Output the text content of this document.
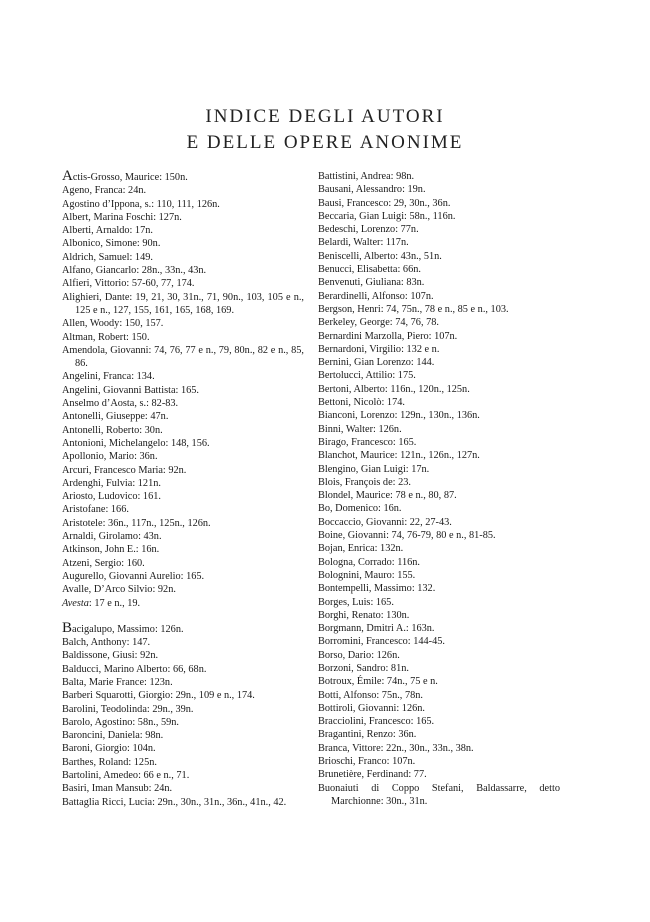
INDICE DEGLI AUTORI
E DELLE OPERE ANONIME
Actis-Grosso, Maurice: 150n.
Ageno, Franca: 24n.
Agostino d’Ippona, s.: 110, 111, 126n.
Albert, Marina Foschi: 127n.
Alberti, Arnaldo: 17n.
Albonico, Simone: 90n.
Aldrich, Samuel: 149.
Alfano, Giancarlo: 28n., 33n., 43n.
Alfieri, Vittorio: 57-60, 77, 174.
Alighieri, Dante: 19, 21, 30, 31n., 71, 90n., 103, 105 e n., 125 e n., 127, 155, 161, 165, 168, 169.
Allen, Woody: 150, 157.
Altman, Robert: 150.
Amendola, Giovanni: 74, 76, 77 e n., 79, 80n., 82 e n., 85, 86.
Angelini, Franca: 134.
Angelini, Giovanni Battista: 165.
Anselmo d’Aosta, s.: 82-83.
Antonelli, Giuseppe: 47n.
Antonelli, Roberto: 30n.
Antonioni, Michelangelo: 148, 156.
Apollonio, Mario: 36n.
Arcuri, Francesco Maria: 92n.
Ardenghi, Fulvia: 121n.
Ariosto, Ludovico: 161.
Aristofane: 166.
Aristotele: 36n., 117n., 125n., 126n.
Arnaldi, Girolamo: 43n.
Atkinson, John E.: 16n.
Atzeni, Sergio: 160.
Augurello, Giovanni Aurelio: 165.
Avalle, D’Arco Silvio: 92n.
Avesta: 17 e n., 19.
Bacigalupo, Massimo: 126n.
Balch, Anthony: 147.
Baldissone, Giusi: 92n.
Balducci, Marino Alberto: 66, 68n.
Balta, Marie France: 123n.
Barberi Squarotti, Giorgio: 29n., 109 e n., 174.
Barolini, Teodolinda: 29n., 39n.
Barolo, Agostino: 58n., 59n.
Baroncini, Daniela: 98n.
Baroni, Giorgio: 104n.
Barthes, Roland: 125n.
Bartolini, Amedeo: 66 e n., 71.
Basiri, Iman Mansub: 24n.
Battaglia Ricci, Lucia: 29n., 30n., 31n., 36n., 41n., 42.
Battistini, Andrea: 98n.
Bausani, Alessandro: 19n.
Bausi, Francesco: 29, 30n., 36n.
Beccaria, Gian Luigi: 58n., 116n.
Bedeschi, Lorenzo: 77n.
Belardi, Walter: 117n.
Beniscelli, Alberto: 43n., 51n.
Benucci, Elisabetta: 66n.
Benvenuti, Giuliana: 83n.
Berardinelli, Alfonso: 107n.
Bergson, Henri: 74, 75n., 78 e n., 85 e n., 103.
Berkeley, George: 74, 76, 78.
Bernardini Marzolla, Piero: 107n.
Bernardoni, Virgilio: 132 e n.
Bernini, Gian Lorenzo: 144.
Bertolucci, Attilio: 175.
Bertoni, Alberto: 116n., 120n., 125n.
Bettoni, Nicolò: 174.
Bianconi, Lorenzo: 129n., 130n., 136n.
Binni, Walter: 126n.
Birago, Francesco: 165.
Blanchot, Maurice: 121n., 126n., 127n.
Blengino, Gian Luigi: 17n.
Blois, François de: 23.
Blondel, Maurice: 78 e n., 80, 87.
Bo, Domenico: 16n.
Boccaccio, Giovanni: 22, 27-43.
Boine, Giovanni: 74, 76-79, 80 e n., 81-85.
Bojan, Enrica: 132n.
Bologna, Corrado: 116n.
Bolognini, Mauro: 155.
Bontempelli, Massimo: 132.
Borges, Luis: 165.
Borghi, Renato: 130n.
Borgmann, Dmitri A.: 163n.
Borromini, Francesco: 144-45.
Borso, Dario: 126n.
Borzoni, Sandro: 81n.
Botroux, Émile: 74n., 75 e n.
Botti, Alfonso: 75n., 78n.
Bottiroli, Giovanni: 126n.
Bracciolini, Francesco: 165.
Bragantini, Renzo: 36n.
Branca, Vittore: 22n., 30n., 33n., 38n.
Brioschi, Franco: 107n.
Brunetière, Ferdinand: 77.
Buonaiuti di Coppo Stefani, Baldassarre, detto Marchionne: 30n., 31n.
